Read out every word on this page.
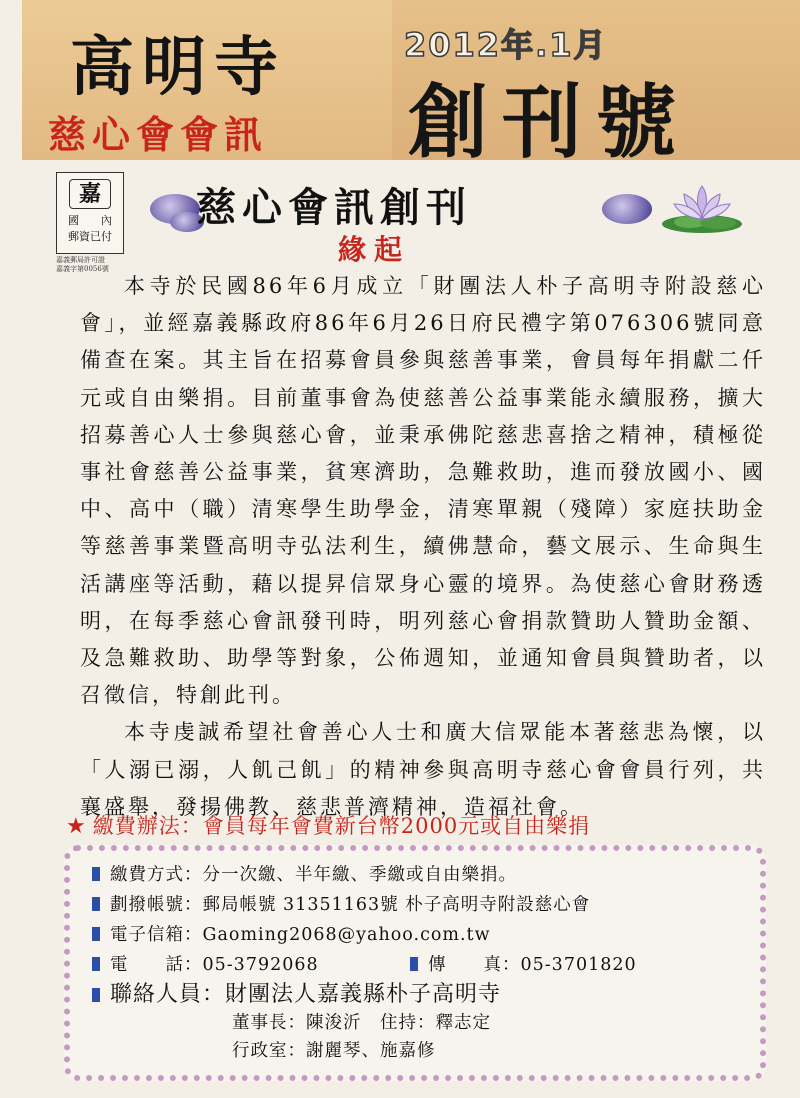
高明寺
慈心會會訊
2012年.1月
創刊號
嘉
國　　內
郵資已付
嘉義郵局許可證
嘉義字第0056號
慈心會訊創刊
緣起

本寺於民國86年6月成立「財團法人朴子高明寺附設慈心會」，並經嘉義縣政府86年6月26日府民禮字第076306號同意備查在案。其主旨在招募會員參與慈善事業，會員每年捐獻二仟元或自由樂捐。目前董事會為使慈善公益事業能永續服務，擴大招募善心人士參與慈心會，並秉承佛陀慈悲喜捨之精神，積極從事社會慈善公益事業，貧寒濟助，急難救助，進而發放國小、國中、高中（職）清寒學生助學金，清寒單親（殘障）家庭扶助金等慈善事業暨高明寺弘法利生，續佛慧命，藝文展示、生命與生活講座等活動，藉以提昇信眾身心靈的境界。為使慈心會財務透明，在每季慈心會訊發刊時，明列慈心會捐款贊助人贊助金額、及急難救助、助學等對象，公佈週知，並通知會員與贊助者，以召徵信，特創此刊。

本寺虔誠希望社會善心人士和廣大信眾能本著慈悲為懷，以「人溺已溺，人飢己飢」的精神參與高明寺慈心會會員行列，共襄盛舉，發揚佛教、慈悲普濟精神，造福社會。

★ 繳費辦法：會員每年會費新台幣2000元或自由樂捐
繳費方式：分一次繳、半年繳、季繳或自由樂捐。
劃撥帳號：郵局帳號 31351163號 朴子高明寺附設慈心會
電子信箱：Gaoming2068@yahoo.com.tw
電　　話：05-3792068	傳　　真：05-3701820
聯絡人員：財團法人嘉義縣朴子高明寺
董事長：陳浚沂　住持：釋志定
行政室：謝麗琴、施嘉修
